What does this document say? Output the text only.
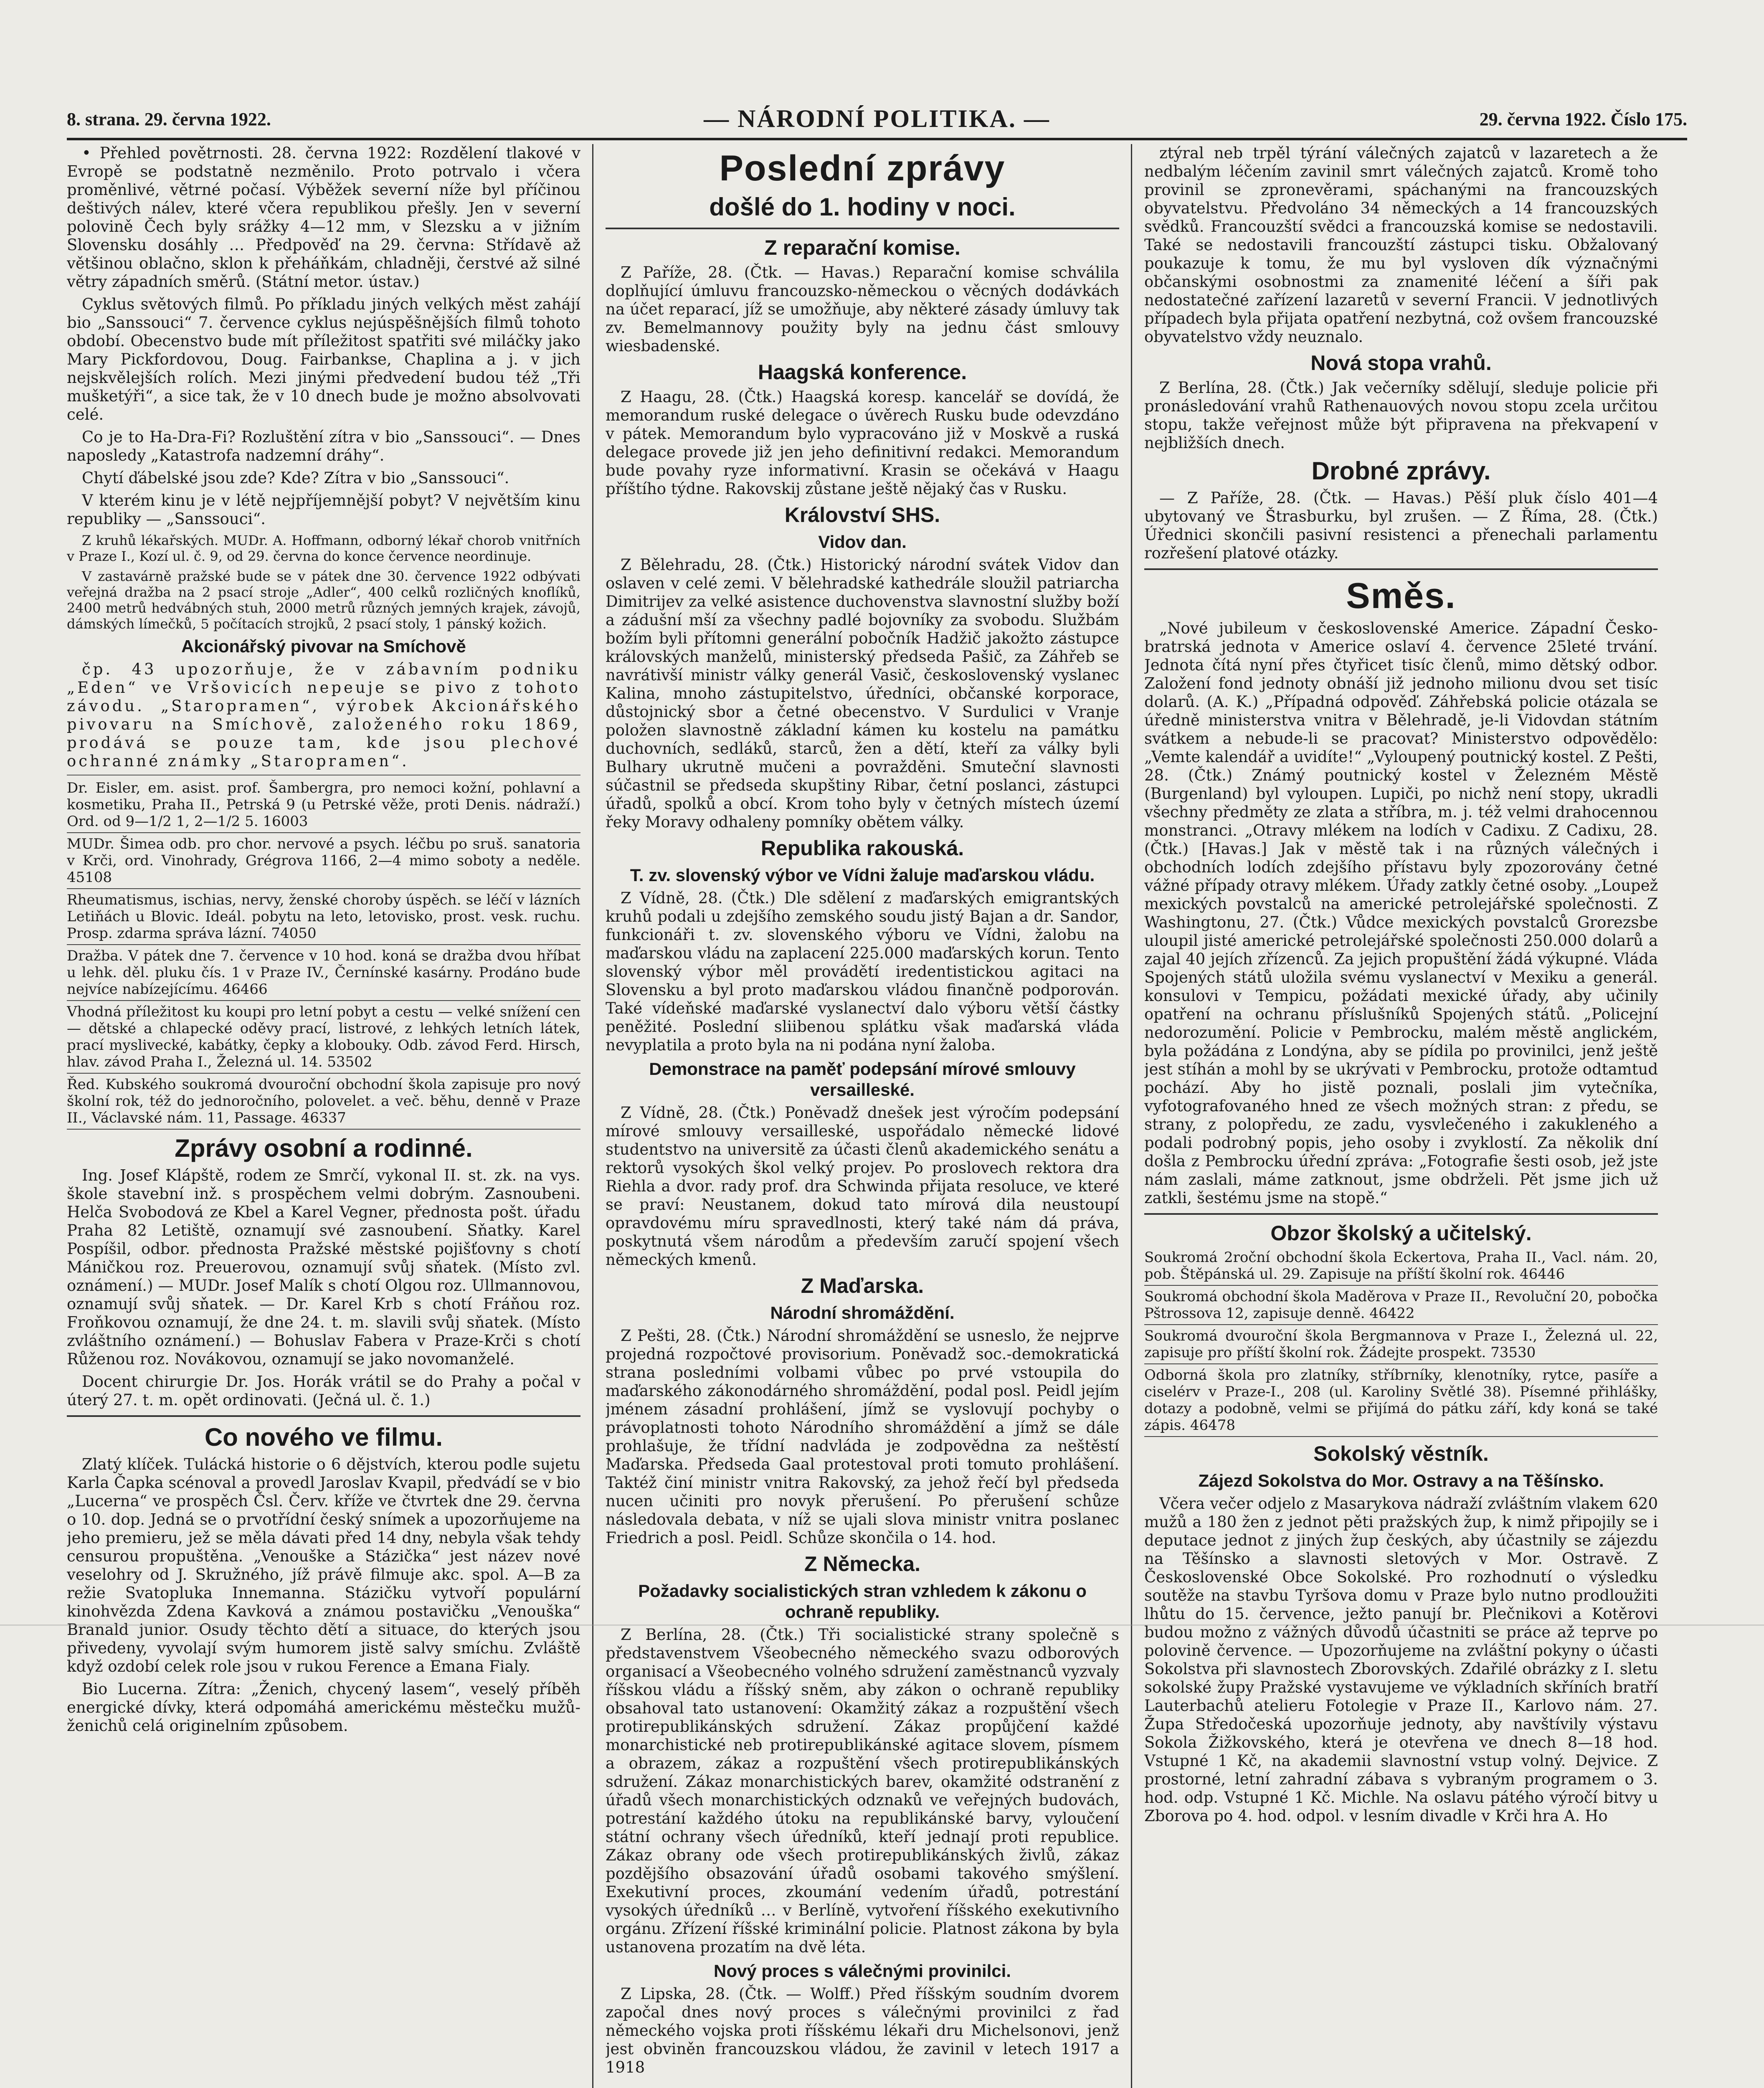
8. strana. 29. června 1922.	— NÁRODNÍ POLITIKA. —	29. června 1922. Číslo 175.

• Přehled povětrnosti. 28. června 1922: Rozdělení tlakové v Evropě se podstatně nezměnilo. Proto potrvalo i včera proměnlivé, větrné počasí. Výběžek severní níže byl příčinou deštivých nálev, které včera republikou přešly. Jen v severní polovině Čech byly srážky 4—12 mm, v Slezsku a v jižním Slovensku dosáhly … Předpověď na 29. června: Střídavě až většinou oblačno, sklon k přeháňkám, chladněji, čerstvé až silné větry západních směrů. (Státní metor. ústav.)

Cyklus světových filmů. Po příkladu jiných velkých měst zahájí bio „Sanssouci“ 7. července cyklus nejúspěšnějších filmů tohoto období. Obecenstvo bude mít příležitost spatřiti své miláčky jako Mary Pickfordovou, Doug. Fairbankse, Chaplina a j. v jich nejskvělejších rolích. Mezi jinými předvedení budou též „Tři mušketýři“, a sice tak, že v 10 dnech bude je možno absolvovati celé.

Co je to Ha-Dra-Fi? Rozluštění zítra v bio „Sanssouci“. — Dnes naposledy „Katastrofa nadzemní dráhy“.

Chytí ďábelské jsou zde? Kde? Zítra v bio „Sanssouci“.

V kterém kinu je v létě nejpříjemnější pobyt? V největším kinu republiky — „Sanssouci“.

Z kruhů lékařských. MUDr. A. Hoffmann, odborný lékař chorob vnitřních v Praze I., Kozí ul. č. 9, od 29. června do konce července neordinuje.

V zastavárně pražské bude se v pátek dne 30. července 1922 odbývati veřejná dražba na 2 psací stroje „Adler“, 400 celků rozličných knoflíků, 2400 metrů hedvábných stuh, 2000 metrů různých jemných krajek, závojů, dámských límečků, 5 počítacích strojků, 2 psací stoly, 1 pánský kožich.

Akcionářský pivovar na Smíchově

čp. 43 upozorňuje, že v zábavním podniku „Eden“ ve Vršovicích nepeuje se pivo z tohoto závodu. „Staropramen“, výrobek Akcionářského pivovaru na Smíchově, založeného roku 1869, prodává se pouze tam, kde jsou plechové ochranné známky „Staropramen“.

Dr. Eisler, em. asist. prof. Šambergra, pro nemoci kožní, pohlavní a kosmetiku, Praha II., Petrská 9 (u Petrské věže, proti Denis. nádraží.) Ord. od 9—1/2 1, 2—1/2 5. 16003

MUDr. Šimea odb. pro chor. nervové a psych. léčbu po sruš. sanatoria v Krči, ord. Vinohrady, Grégrova 1166, 2—4 mimo soboty a neděle. 45108

Rheumatismus, ischias, nervy, ženské choroby úspěch. se léčí v lázních Letiňách u Blovic. Ideál. pobytu na leto, letovisko, prost. vesk. ruchu. Prosp. zdarma správa lázní. 74050

Dražba. V pátek dne 7. července v 10 hod. koná se dražba dvou hříbat u lehk. děl. pluku čís. 1 v Praze IV., Černínské kasárny. Prodáno bude nejvíce nabízejícímu. 46466

Vhodná příležitost ku koupi pro letní pobyt a cestu — velké snížení cen — dětské a chlapecké oděvy prací, listrové, z lehkých letních látek, prací myslivecké, kabátky, čepky a klobouky. Odb. závod Ferd. Hirsch, hlav. závod Praha I., Železná ul. 14. 53502

Řed. Kubského soukromá dvouroční obchodní škola zapisuje pro nový školní rok, též do jednoročního, polovelet. a več. běhu, denně v Praze II., Václavské nám. 11, Passage. 46337

Zprávy osobní a rodinné.

Ing. Josef Klápště, rodem ze Smrčí, vykonal II. st. zk. na vys. škole stavební inž. s prospěchem velmi dobrým. Zasnoubeni. Helča Svobodová ze Kbel a Karel Vegner, přednosta pošt. úřadu Praha 82 Letiště, oznamují své zasnoubení. Sňatky. Karel Pospíšil, odbor. přednosta Pražské městské pojišťovny s chotí Máničkou roz. Preuerovou, oznamují svůj sňatek. (Místo zvl. oznámení.) — MUDr. Josef Malík s chotí Olgou roz. Ullmannovou, oznamují svůj sňatek. — Dr. Karel Krb s chotí Fráňou roz. Froňkovou oznamují, že dne 24. t. m. slavili svůj sňatek. (Místo zvláštního oznámení.) — Bohuslav Fabera v Praze-Krči s chotí Růženou roz. Novákovou, oznamují se jako novomanželé.

Docent chirurgie Dr. Jos. Horák vrátil se do Prahy a počal v úterý 27. t. m. opět ordinovati. (Ječná ul. č. 1.)

Co nového ve filmu.

Zlatý klíček. Tulácká historie o 6 dějstvích, kterou podle sujetu Karla Čapka scénoval a provedl Jaroslav Kvapil, předvádí se v bio „Lucerna“ ve prospěch Čsl. Červ. kříže ve čtvrtek dne 29. června o 10. dop. Jedná se o prvotřídní český snímek a upozorňujeme na jeho premieru, jež se měla dávati před 14 dny, nebyla však tehdy censurou propuštěna. „Venouške a Stázička“ jest název nové veselohry od J. Skružného, jíž právě filmuje akc. spol. A—B za režie Svatopluka Innemanna. Stázičku vytvoří populární kinohvězda Zdena Kavková a známou postavičku „Venouška“ Branald junior. Osudy těchto dětí a situace, do kterých jsou přivedeny, vyvolají svým humorem jistě salvy smíchu. Zvláště když ozdobí celek role jsou v rukou Ference a Emana Fialy.

Bio Lucerna. Zítra: „Ženich, chycený lasem“, veselý příběh energické dívky, která odpomáhá americkému městečku mužů-ženichů celá originelním způsobem.

Poslední zprávy
došlé do 1. hodiny v noci.
Z reparační komise.

Z Paříže, 28. (Čtk. — Havas.) Reparační komise schválila doplňující úmluvu francouzsko-německou o věcných dodávkách na účet reparací, jíž se umožňuje, aby některé zásady úmluvy tak zv. Bemelmannovy použity byly na jednu část smlouvy wiesbadenské.

Haagská konference.

Z Haagu, 28. (Čtk.) Haagská koresp. kancelář se dovídá, že memorandum ruské delegace o úvěrech Rusku bude odevzdáno v pátek. Memorandum bylo vypracováno již v Moskvě a ruská delegace provede již jen jeho definitivní redakci. Memorandum bude povahy ryze informativní. Krasin se očekává v Haagu příštího týdne. Rakovskij zůstane ještě nějaký čas v Rusku.

Království SHS.
Vidov dan.

Z Bělehradu, 28. (Čtk.) Historický národní svátek Vidov dan oslaven v celé zemi. V bělehradské kathedrále sloužil patriarcha Dimitrijev za velké asistence duchovenstva slavnostní služby boží a zádušní mší za všechny padlé bojovníky za svobodu. Službám božím byli přítomni generální pobočník Hadžič jakožto zástupce královských manželů, ministerský předseda Pašič, za Záhřeb se navrátivší ministr války generál Vasič, československý vyslanec Kalina, mnoho zástupitelstvo, úředníci, občanské korporace, důstojnický sbor a četné obecenstvo. V Surdulici v Vranje položen slavnostně základní kámen ku kostelu na památku duchovních, sedláků, starců, žen a dětí, kteří za války byli Bulhary ukrutně mučeni a povražděni. Smuteční slavnosti súčastnil se předseda skupštiny Ribar, četní poslanci, zástupci úřadů, spolků a obcí. Krom toho byly v četných místech území řeky Moravy odhaleny pomníky obětem války.

Republika rakouská.
T. zv. slovenský výbor ve Vídni žaluje maďarskou vládu.

Z Vídně, 28. (Čtk.) Dle sdělení z maďarských emigrantských kruhů podali u zdejšího zemského soudu jistý Bajan a dr. Sandor, funkcionáři t. zv. slovenského výboru ve Vídni, žalobu na maďarskou vládu na zaplacení 225.000 maďarských korun. Tento slovenský výbor měl provádětí iredentistickou agitaci na Slovensku a byl proto maďarskou vládou finančně podporován. Také vídeňské maďarské vyslanectví dalo výboru větší částky peněžité. Poslední sliibenou splátku však maďarská vláda nevyplatila a proto byla na ni podána nyní žaloba.

Demonstrace na paměť podepsání mírové smlouvy versailleské.

Z Vídně, 28. (Čtk.) Poněvadž dnešek jest výročím podepsání mírové smlouvy versailleské, uspořádalo německé lidové studentstvo na universitě za účasti členů akademického senátu a rektorů vysokých škol velký projev. Po proslovech rektora dra Riehla a dvor. rady prof. dra Schwinda přijata resoluce, ve které se praví: Neustanem, dokud tato mírová dila neustoupí opravdovému míru spravedlnosti, který také nám dá práva, poskytnutá všem národům a především zaručí spojení všech německých kmenů.

Z Maďarska.
Národní shromáždění.

Z Pešti, 28. (Čtk.) Národní shromáždění se usneslo, že nejprve projedná rozpočtové provisorium. Poněvadž soc.-demokratická strana posledními volbami vůbec po prvé vstoupila do maďarského zákonodárného shromáždění, podal posl. Peidl jejím jménem zásadní prohlášení, jímž se vyslovují pochyby o právoplatnosti tohoto Národního shromáždění a jímž se dále prohlašuje, že třídní nadvláda je zodpovědna za neštěstí Maďarska. Předseda Gaal protestoval proti tomuto prohlášení. Taktéž činí ministr vnitra Rakovský, za jehož řečí byl předseda nucen učiniti pro novyk přerušení. Po přerušení schůze následovala debata, v níž se ujali slova ministr vnitra poslanec Friedrich a posl. Peidl. Schůze skončila o 14. hod.

Z Německa.
Požadavky socialistických stran vzhledem k zákonu o ochraně republiky.

Z Berlína, 28. (Čtk.) Tři socialistické strany společně s představenstvem Všeobecného německého svazu odborových organisací a Všeobecného volného sdružení zaměstnanců vyzvaly říšskou vládu a říšský sněm, aby zákon o ochraně republiky obsahoval tato ustanovení: Okamžitý zákaz a rozpuštění všech protirepublikánských sdružení. Zákaz propůjčení každé monarchistické neb protirepublikánské agitace slovem, písmem a obrazem, zákaz a rozpuštění všech protirepublikánských sdružení. Zákaz monarchistických barev, okamžité odstranění z úřadů všech monarchistických odznaků ve veřejných budovách, potrestání každého útoku na republikánské barvy, vyloučení státní ochrany všech úředníků, kteří jednají proti republice. Zákaz obrany ode všech protirepublikánských živlů, zákaz pozdějšího obsazování úřadů osobami takového smýšlení. Exekutivní proces, zkoumání vedením úřadů, potrestání vysokých úředníků … v Berlíně, vytvoření říšského exekutivního orgánu. Zřízení říšské kriminální policie. Platnost zákona by byla ustanovena prozatím na dvě léta.

Nový proces s válečnými provinilci.

Z Lipska, 28. (Čtk. — Wolff.) Před říšským soudním dvorem započal dnes nový proces s válečnými provinilci z řad německého vojska proti říšskému lékaři dru Michelsonovi, jenž jest obviněn francouzskou vládou, že zavinil v letech 1917 a 1918

ztýral neb trpěl týrání válečných zajatců v lazaretech a že nedbalým léčením zavinil smrt válečných zajatců. Kromě toho provinil se zpronevěrami, spáchanými na francouzských obyvatelstvu. Předvoláno 34 německých a 14 francouzských svědků. Francouzští svědci a francouzská komise se nedostavili. Také se nedostavili francouzští zástupci tisku. Obžalovaný poukazuje k tomu, že mu byl vysloven dík význačnými občanskými osobnostmi za znamenité léčení a šíři pak nedostatečné zařízení lazaretů v severní Francii. V jednotlivých případech byla přijata opatření nezbytná, což ovšem francouzské obyvatelstvo vždy neuznalo.

Nová stopa vrahů.

Z Berlína, 28. (Čtk.) Jak večerníky sdělují, sleduje policie při pronásledování vrahů Rathenauových novou stopu zcela určitou stopu, takže veřejnost může být připravena na překvapení v nejbližších dnech.

Drobné zprávy.

— Z Paříže, 28. (Čtk. — Havas.) Pěší pluk číslo 401—4 ubytovaný ve Štrasburku, byl zrušen. — Z Říma, 28. (Čtk.) Úřednici skončili pasivní resistenci a přenechali parlamentu rozřešení platové otázky.

Směs.

„Nové jubileum v československé Americe. Západní Česko-bratrská jednota v Americe oslaví 4. července 25leté trvání. Jednota čítá nyní přes čtyřicet tisíc členů, mimo dětský odbor. Založení fond jednoty obnáší již jednoho milionu dvou set tisíc dolarů. (A. K.) „Případná odpověď. Záhřebská policie otázala se úředně ministerstva vnitra v Bělehradě, je-li Vidovdan státním svátkem a nebude-li se pracovat? Ministerstvo odpovědělo: „Vemte kalendář a uvidíte!“ „Vyloupený poutnický kostel. Z Pešti, 28. (Čtk.) Známý poutnický kostel v Železném Městě (Burgenland) byl vyloupen. Lupiči, po nichž není stopy, ukradli všechny předměty ze zlata a stříbra, m. j. též velmi drahocennou monstranci. „Otravy mlékem na lodích v Cadixu. Z Cadixu, 28. (Čtk.) [Havas.] Jak v městě tak i na různých válečných i obchodních lodích zdejšího přístavu byly zpozorovány četné vážné případy otravy mlékem. Úřady zatkly četné osoby. „Loupež mexických povstalců na americké petrolejářské společnosti. Z Washingtonu, 27. (Čtk.) Vůdce mexických povstalců Grorezsbe uloupil jisté americké petrolejářské společnosti 250.000 dolarů a zajal 40 jejích zřízenců. Za jejich propuštění žádá výkupné. Vláda Spojených států uložila svému vyslanectví v Mexiku a generál. konsulovi v Tempicu, požádati mexické úřady, aby učinily opatření na ochranu příslušníků Spojených států. „Policejní nedorozumění. Policie v Pembrocku, malém městě anglickém, byla požádána z Londýna, aby se pídila po provinilci, jenž ještě jest stíhán a mohl by se ukrývati v Pembrocku, protože odtamtud pochází. Aby ho jistě poznali, poslali jim vytečníka, vyfotografovaného hned ze všech možných stran: z předu, se strany, z polopředu, ze zadu, vysvlečeného i zakukleného a podali podrobný popis, jeho osoby i zvyklostí. Za několik dní došla z Pembrocku úřední zpráva: „Fotografie šesti osob, jež jste nám zaslali, máme zatknout, jsme obdrželi. Pět jsme jich už zatkli, šestému jsme na stopě.“

Obzor školský a učitelský.

Soukromá 2roční obchodní škola Eckertova, Praha II., Vacl. nám. 20, pob. Štěpánská ul. 29. Zapisuje na příští školní rok. 46446

Soukromá obchodní škola Maděrova v Praze II., Revoluční 20, pobočka Pštrossova 12, zapisuje denně. 46422

Soukromá dvouroční škola Bergmannova v Praze I., Železná ul. 22, zapisuje pro příští školní rok. Žádejte prospekt. 73530

Odborná škola pro zlatníky, stříbrníky, klenotníky, rytce, pasíře a ciselérv v Praze-I., 208 (ul. Karoliny Světlé 38). Písemné přihlášky, dotazy a podobně, velmi se přijímá do pátku září, kdy koná se také zápis. 46478

Sokolský věstník.
Zájezd Sokolstva do Mor. Ostravy a na Těšínsko.

Včera večer odjelo z Masarykova nádraží zvláštním vlakem 620 mužů a 180 žen z jednot pěti pražských žup, k nimž připojily se i deputace jednot z jiných žup českých, aby účastnily se zájezdu na Těšínsko a slavnosti sletových v Mor. Ostravě. Z Československé Obce Sokolské. Pro rozhodnutí o výsledku soutěže na stavbu Tyršova domu v Praze bylo nutno prodloužiti lhůtu do 15. července, ježto panují br. Plečnikovi a Kotěrovi budou možno z vážných důvodů účastniti se práce až teprve po polovině července. — Upozorňujeme na zvláštní pokyny o účasti Sokolstva při slavnostech Zborovských. Zdařilé obrázky z I. sletu sokolské župy Pražské vystavujeme ve výkladních skříních bratří Lauterbachů atelieru Fotolegie v Praze II., Karlovo nám. 27. Župa Středočeská upozorňuje jednoty, aby navštívily výstavu Sokola Žižkovského, která je otevřena ve dnech 8—18 hod. Vstupné 1 Kč, na akademii slavnostní vstup volný. Dejvice. Z prostorné, letní zahradní zábava s vybraným programem o 3. hod. odp. Vstupné 1 Kč. Michle. Na oslavu pátého výročí bitvy u Zborova po 4. hod. odpol. v lesním divadle v Krči hra A. Ho
